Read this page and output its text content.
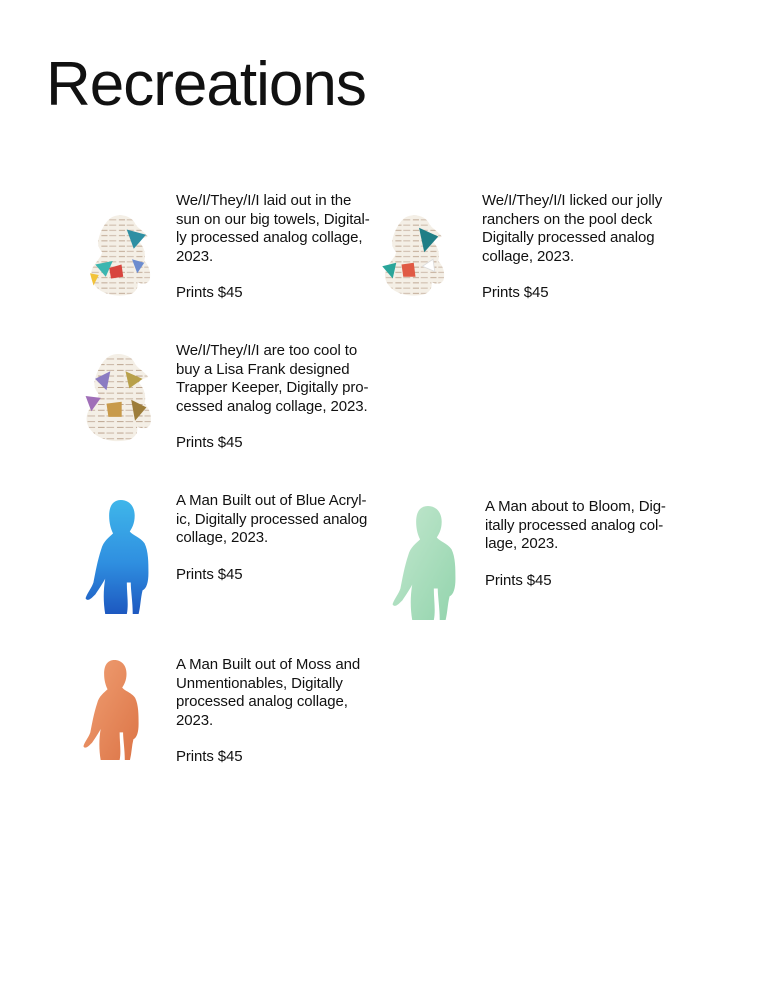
Recreations

We/I/They/I/I laid out in the sun on our big towels, Digital-ly processed analog collage, 2023.

Prints $45

We/I/They/I/I licked our jolly ranchers on the pool deck Digitally processed analog collage, 2023.

Prints $45

We/I/They/I/I are too cool to buy a Lisa Frank designed Trapper Keeper, Digitally pro-cessed analog collage, 2023.

Prints $45

A Man Built out of Blue Acryl-ic, Digitally processed analog collage, 2023.

Prints $45

A Man about to Bloom, Dig-itally processed analog col-lage, 2023.

Prints $45

A Man Built out of Moss and Unmentionables, Digitally processed analog collage, 2023.

Prints $45
